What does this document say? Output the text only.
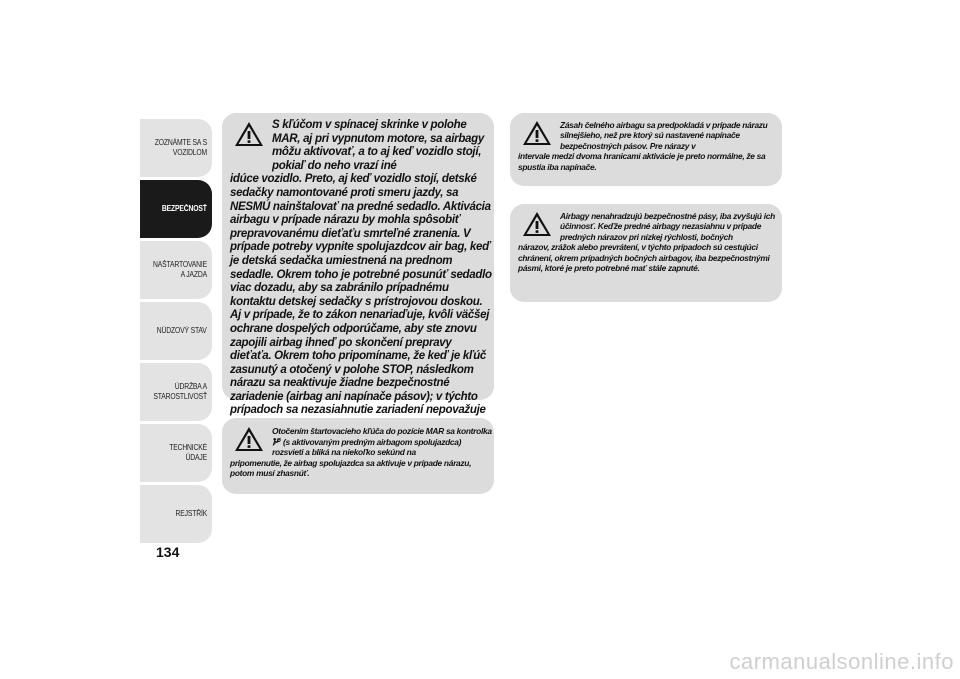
ZOZNÁMTE SA S VOZIDLOM
BEZPEČNOSŤ
NAŠTARTOVANIE A JAZDA
NÚDZOVÝ STAV
ÚDRŽBA A STAROSTLIVOSŤ
TECHNICKÉ ÚDAJE
REJSTŘÍK
134

S kľúčom v spínacej skrinke v polohe MAR, aj pri vypnutom motore, sa airbagy môžu aktivovať, a to aj keď vozidlo stojí, pokiaľ do neho vrazí iné

idúce vozidlo. Preto, aj keď vozidlo stojí, detské sedačky namontované proti smeru jazdy, sa NESMÚ nainštalovať na predné sedadlo. Aktivácia airbagu v prípade nárazu by mohla spôsobiť prepravovanému dieťaťu smrteľné zranenia. V prípade potreby vypnite spolujazdcov air bag, keď je detská sedačka umiestnená na prednom sedadle. Okrem toho je potrebné posunúť sedadlo viac dozadu, aby sa zabránilo prípadnému kontaktu detskej sedačky s prístrojovou doskou. Aj v prípade, že to zákon nenariaďuje, kvôli väčšej ochrane dospelých odporúčame, aby ste znovu zapojili airbag ihneď po skončení prepravy dieťaťa. Okrem toho pripomíname, že keď je kľúč zasunutý a otočený v polohe STOP, následkom nárazu sa neaktivuje žiadne bezpečnostné zariadenie (airbag ani napínače pásov); v týchto prípadoch sa nezasiahnutie zariadení nepovažuje

Otočením štartovacieho kľúča do pozície MAR sa kontrolka  (s aktivovaným predným airbagom spolujazdca) rozsvieti a bliká na niekoľko sekúnd na

pripomenutie, že airbag spolujazdca sa aktivuje v prípade nárazu, potom musí zhasnúť.

Zásah čelného airbagu sa predpokladá v prípade nárazu silnejšieho, než pre ktorý sú nastavené napínače bezpečnostných pásov. Pre nárazy v

intervale medzi dvoma hranicami aktivácie je preto normálne, že sa spustia iba napínače.

Airbagy nenahradzujú bezpečnostné pásy, iba zvyšujú ich účinnosť. Keďže predné airbagy nezasiahnu v prípade predných nárazov pri nízkej rýchlosti, bočných

nárazov, zrážok alebo prevrátení, v týchto prípadoch sú cestujúci chránení, okrem prípadných bočných airbagov, iba bezpečnostnými pásmi, ktoré je preto potrebné mať stále zapnuté.

carmanualsonline.info
